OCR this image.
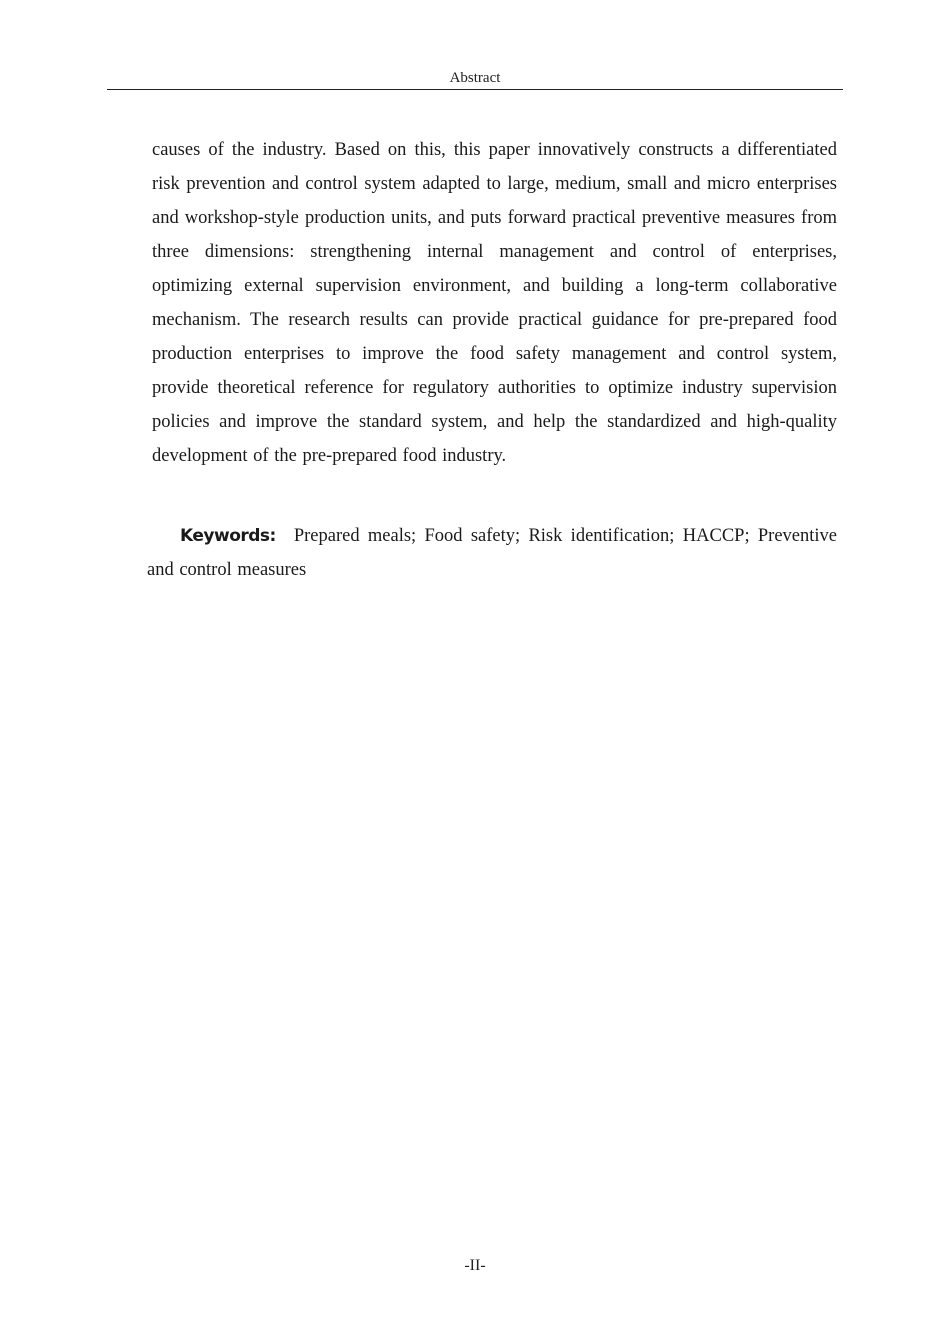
Abstract

causes of the industry. Based on this, this paper innovatively constructs a differentiated risk prevention and control system adapted to large, medium, small and micro enterprises and workshop-style production units, and puts forward practical preventive measures from three dimensions: strengthening internal management and control of enterprises, optimizing external supervision environment, and building a long-term collaborative mechanism. The research results can provide practical guidance for pre-prepared food production enterprises to improve the food safety management and control system, provide theoretical reference for regulatory authorities to optimize industry supervision policies and improve the standard system, and help the standardized and high-quality development of the pre-prepared food industry.

Keywords: Prepared meals; Food safety; Risk identification; HACCP; Preventive and control measures

-II-
